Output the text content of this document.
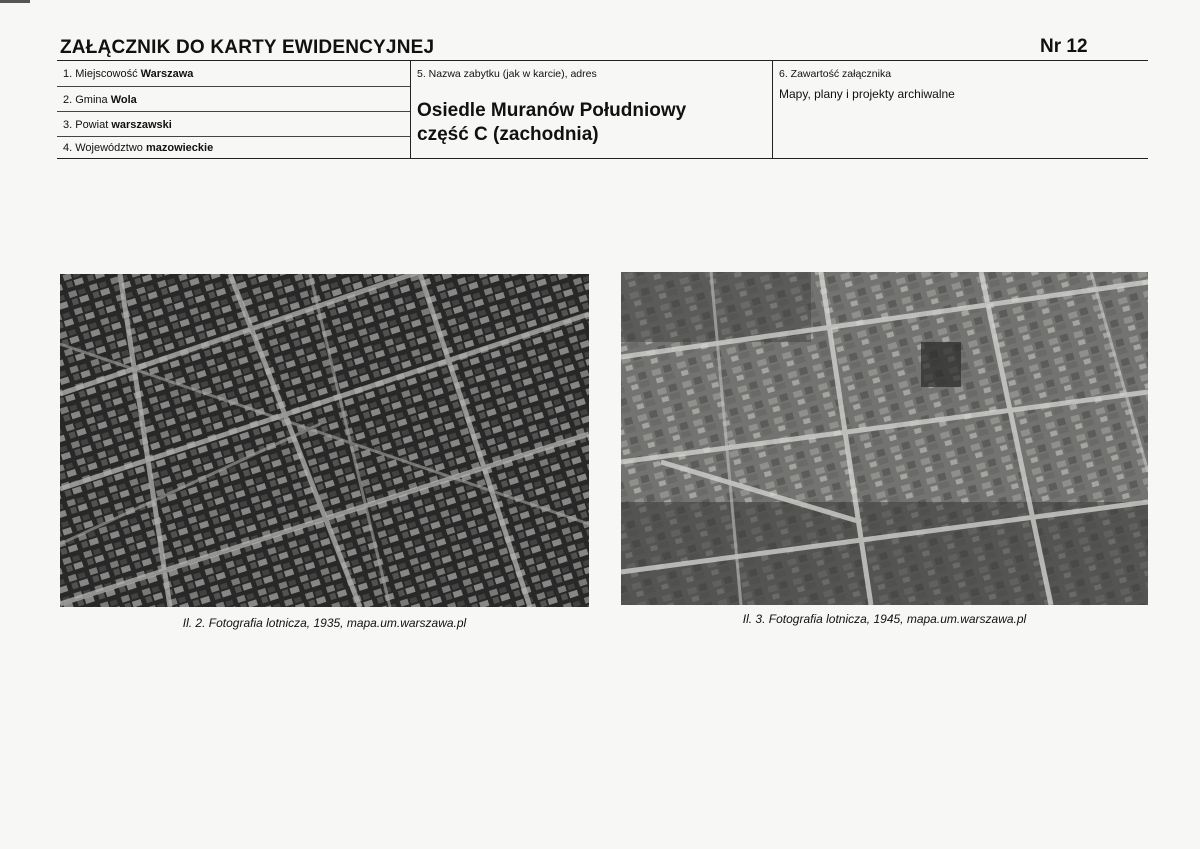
ZAŁĄCZNIK DO KARTY EWIDENCYJNEJ	Nr 12
1. Miejscowość Warszawa
2. Gmina Wola
3. Powiat warszawski
4. Województwo mazowieckie
5. Nazwa zabytku (jak w karcie), adres
Osiedle Muranów Południowy
część C (zachodnia)
6. Zawartość załącznika
Mapy, plany i projekty archiwalne
Il. 2. Fotografia lotnicza, 1935, mapa.um.warszawa.pl	Il. 3. Fotografia lotnicza, 1945, mapa.um.warszawa.pl
